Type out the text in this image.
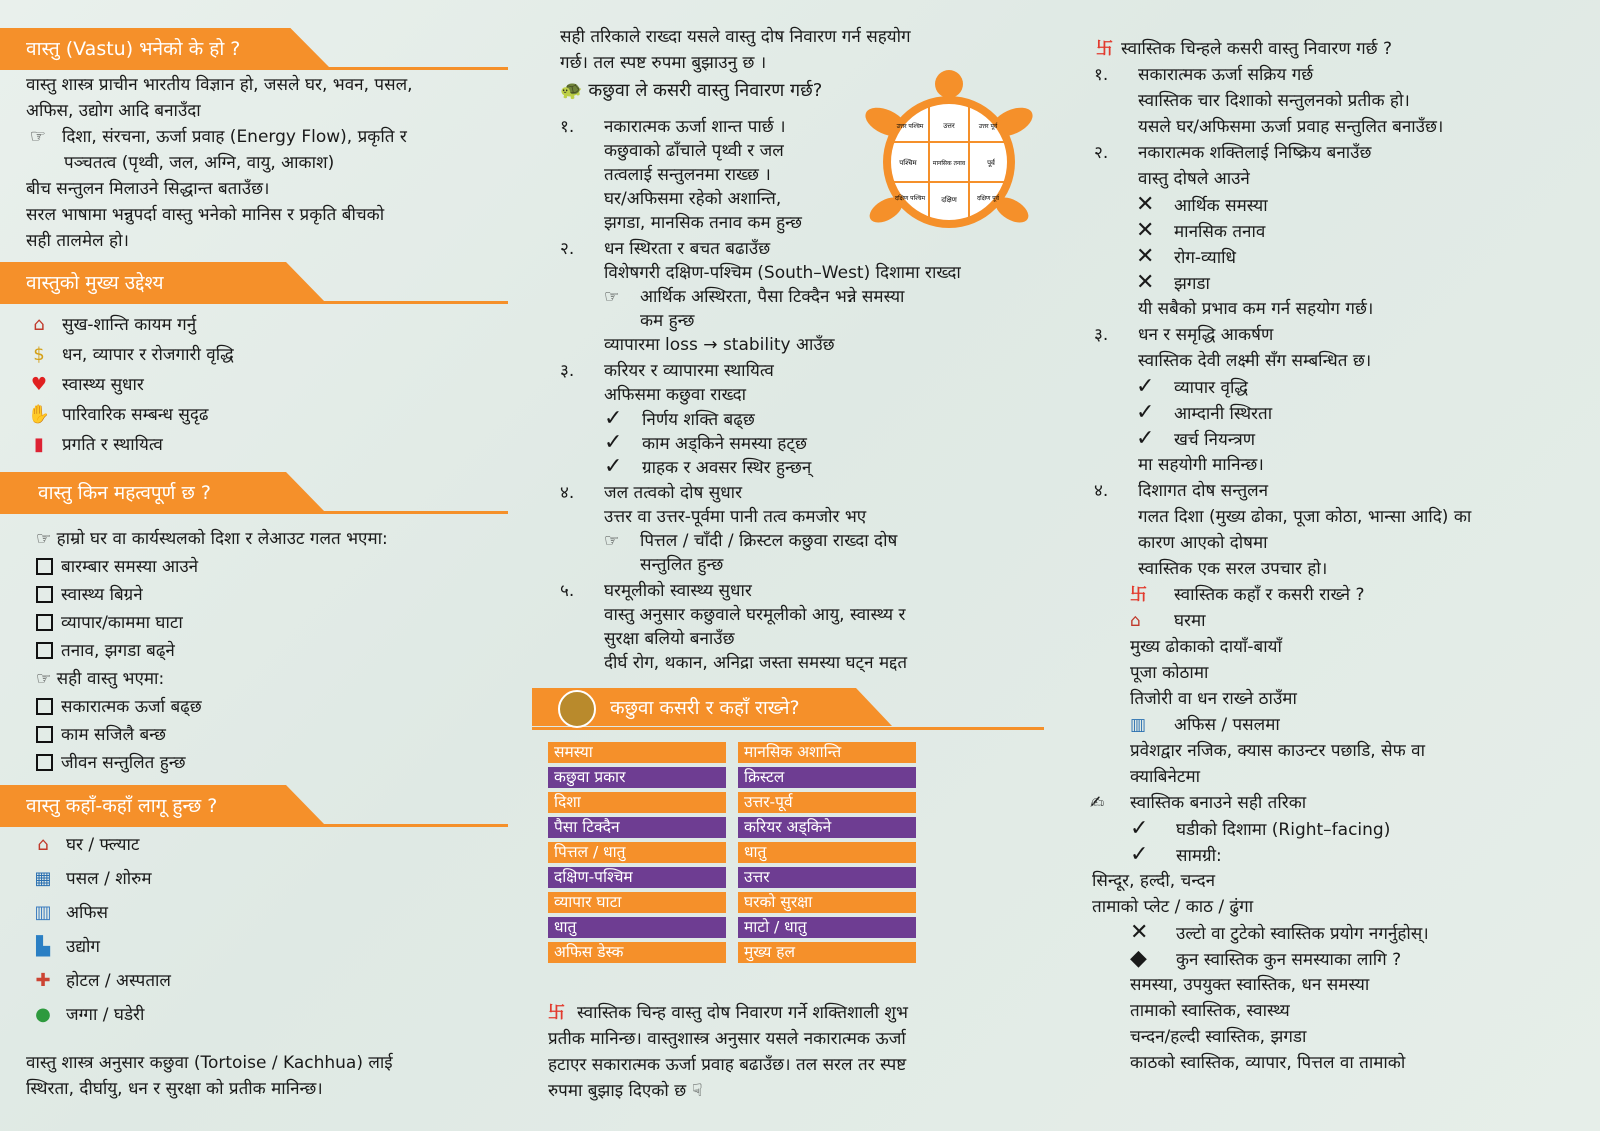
वास्तु (Vastu) भनेको के हो ?
वास्तु शास्त्र प्राचीन भारतीय विज्ञान हो, जसले घर, भवन, पसल,
अफिस, उद्योग आदि बनाउँदा
☞ दिशा, संरचना, ऊर्जा प्रवाह (Energy Flow), प्रकृति र
पञ्चतत्व (पृथ्वी, जल, अग्नि, वायु, आकाश)
बीच सन्तुलन मिलाउने सिद्धान्त बताउँछ।
सरल भाषामा भन्नुपर्दा वास्तु भनेको मानिस र प्रकृति बीचको
सही तालमेल हो।
वास्तुको मुख्य उद्देश्य
⌂ सुख-शान्ति कायम गर्नु
$ धन, व्यापार र रोजगारी वृद्धि
♥ स्वास्थ्य सुधार
✋ पारिवारिक सम्बन्ध सुदृढ
▮ प्रगति र स्थायित्व
वास्तु किन महत्वपूर्ण छ ?
☞ हाम्रो घर वा कार्यस्थलको दिशा र लेआउट गलत भएमा:
बारम्बार समस्या आउने
स्वास्थ्य बिग्रने
व्यापार/काममा घाटा
तनाव, झगडा बढ्ने
☞ सही वास्तु भएमा:
सकारात्मक ऊर्जा बढ्छ
काम सजिलै बन्छ
जीवन सन्तुलित हुन्छ
वास्तु कहाँ-कहाँ लागू हुन्छ ?
⌂ घर / फ्ल्याट
▦ पसल / शोरुम
▥ अफिस
▙ उद्योग
✚ होटल / अस्पताल
● जग्गा / घडेरी
वास्तु शास्त्र अनुसार कछुवा (Tortoise / Kachhua) लाई
स्थिरता, दीर्घायु, धन र सुरक्षा को प्रतीक मानिन्छ।
सही तरिकाले राख्दा यसले वास्तु दोष निवारण गर्न सहयोग
गर्छ। तल स्पष्ट रुपमा बुझाउनु छ ।
🐢 कछुवा ले कसरी वास्तु निवारण गर्छ?
उत्तर	उत्तर पूर्व
पूर्व
दक्षिण पूर्व
दक्षिण
दक्षिण पश्चिम
पश्चिम
उत्तर पश्चिम
मानसिक तनाव
१. नकारात्मक ऊर्जा शान्त पार्छ ।
कछुवाको ढाँचाले पृथ्वी र जल
तत्वलाई सन्तुलनमा राख्छ ।
घर/अफिसमा रहेको अशान्ति,
झगडा, मानसिक तनाव कम हुन्छ
२. धन स्थिरता र बचत बढाउँछ
विशेषगरी दक्षिण-पश्चिम (South–West) दिशामा राख्दा
☞ आर्थिक अस्थिरता, पैसा टिक्दैन भन्ने समस्या
कम हुन्छ
व्यापारमा loss → stability आउँछ
३. करियर र व्यापारमा स्थायित्व
अफिसमा कछुवा राख्दा
✓ निर्णय शक्ति बढ्छ
✓ काम अड्किने समस्या हट्छ
✓ ग्राहक र अवसर स्थिर हुन्छन्
४. जल तत्वको दोष सुधार
उत्तर वा उत्तर-पूर्वमा पानी तत्व कमजोर भए
☞ पित्तल / चाँदी / क्रिस्टल कछुवा राख्दा दोष
सन्तुलित हुन्छ
५. घरमूलीको स्वास्थ्य सुधार
वास्तु अनुसार कछुवाले घरमूलीको आयु, स्वास्थ्य र
सुरक्षा बलियो बनाउँछ
दीर्घ रोग, थकान, अनिद्रा जस्ता समस्या घट्न मद्दत
कछुवा कसरी र कहाँ राख्ने?
समस्या	मानसिक अशान्ति
कछुवा प्रकार	क्रिस्टल
दिशा	उत्तर-पूर्व
पैसा टिक्दैन	करियर अड्किने
पित्तल / धातु	धातु
दक्षिण-पश्चिम	उत्तर
व्यापार घाटा	घरको सुरक्षा
धातु	माटो / धातु
अफिस डेस्क	मुख्य हल
卐 स्वास्तिक चिन्ह वास्तु दोष निवारण गर्ने शक्तिशाली शुभ
प्रतीक मानिन्छ। वास्तुशास्त्र अनुसार यसले नकारात्मक ऊर्जा
हटाएर सकारात्मक ऊर्जा प्रवाह बढाउँछ। तल सरल तर स्पष्ट
रुपमा बुझाइ दिएको छ ☟
卐 स्वास्तिक चिन्हले कसरी वास्तु निवारण गर्छ ?
१. सकारात्मक ऊर्जा सक्रिय गर्छ
स्वास्तिक चार दिशाको सन्तुलनको प्रतीक हो।
यसले घर/अफिसमा ऊर्जा प्रवाह सन्तुलित बनाउँछ।
२. नकारात्मक शक्तिलाई निष्क्रिय बनाउँछ
वास्तु दोषले आउने
✕ आर्थिक समस्या
✕ मानसिक तनाव
✕ रोग-व्याधि
✕ झगडा
यी सबैको प्रभाव कम गर्न सहयोग गर्छ।
३. धन र समृद्धि आकर्षण
स्वास्तिक देवी लक्ष्मी सँग सम्बन्धित छ।
✓ व्यापार वृद्धि
✓ आम्दानी स्थिरता
✓ खर्च नियन्त्रण
मा सहयोगी मानिन्छ।
४. दिशागत दोष सन्तुलन
गलत दिशा (मुख्य ढोका, पूजा कोठा, भान्सा आदि) का
कारण आएको दोषमा
स्वास्तिक एक सरल उपचार हो।
卐 स्वास्तिक कहाँ र कसरी राख्ने ?
⌂ घरमा
मुख्य ढोकाको दायाँ-बायाँ
पूजा कोठामा
तिजोरी वा धन राख्ने ठाउँमा
▥ अफिस / पसलमा
प्रवेशद्वार नजिक, क्यास काउन्टर पछाडि, सेफ वा
क्याबिनेटमा
✍ स्वास्तिक बनाउने सही तरिका
✓ घडीको दिशामा (Right–facing)
✓ सामग्री:
सिन्दूर, हल्दी, चन्दन
तामाको प्लेट / काठ / ढुंगा
✕ उल्टो वा टुटेको स्वास्तिक प्रयोग नगर्नुहोस्।
◆ कुन स्वास्तिक कुन समस्याका लागि ?
समस्या, उपयुक्त स्वास्तिक, धन समस्या
तामाको स्वास्तिक, स्वास्थ्य
चन्दन/हल्दी स्वास्तिक, झगडा
काठको स्वास्तिक, व्यापार, पित्तल वा तामाको
